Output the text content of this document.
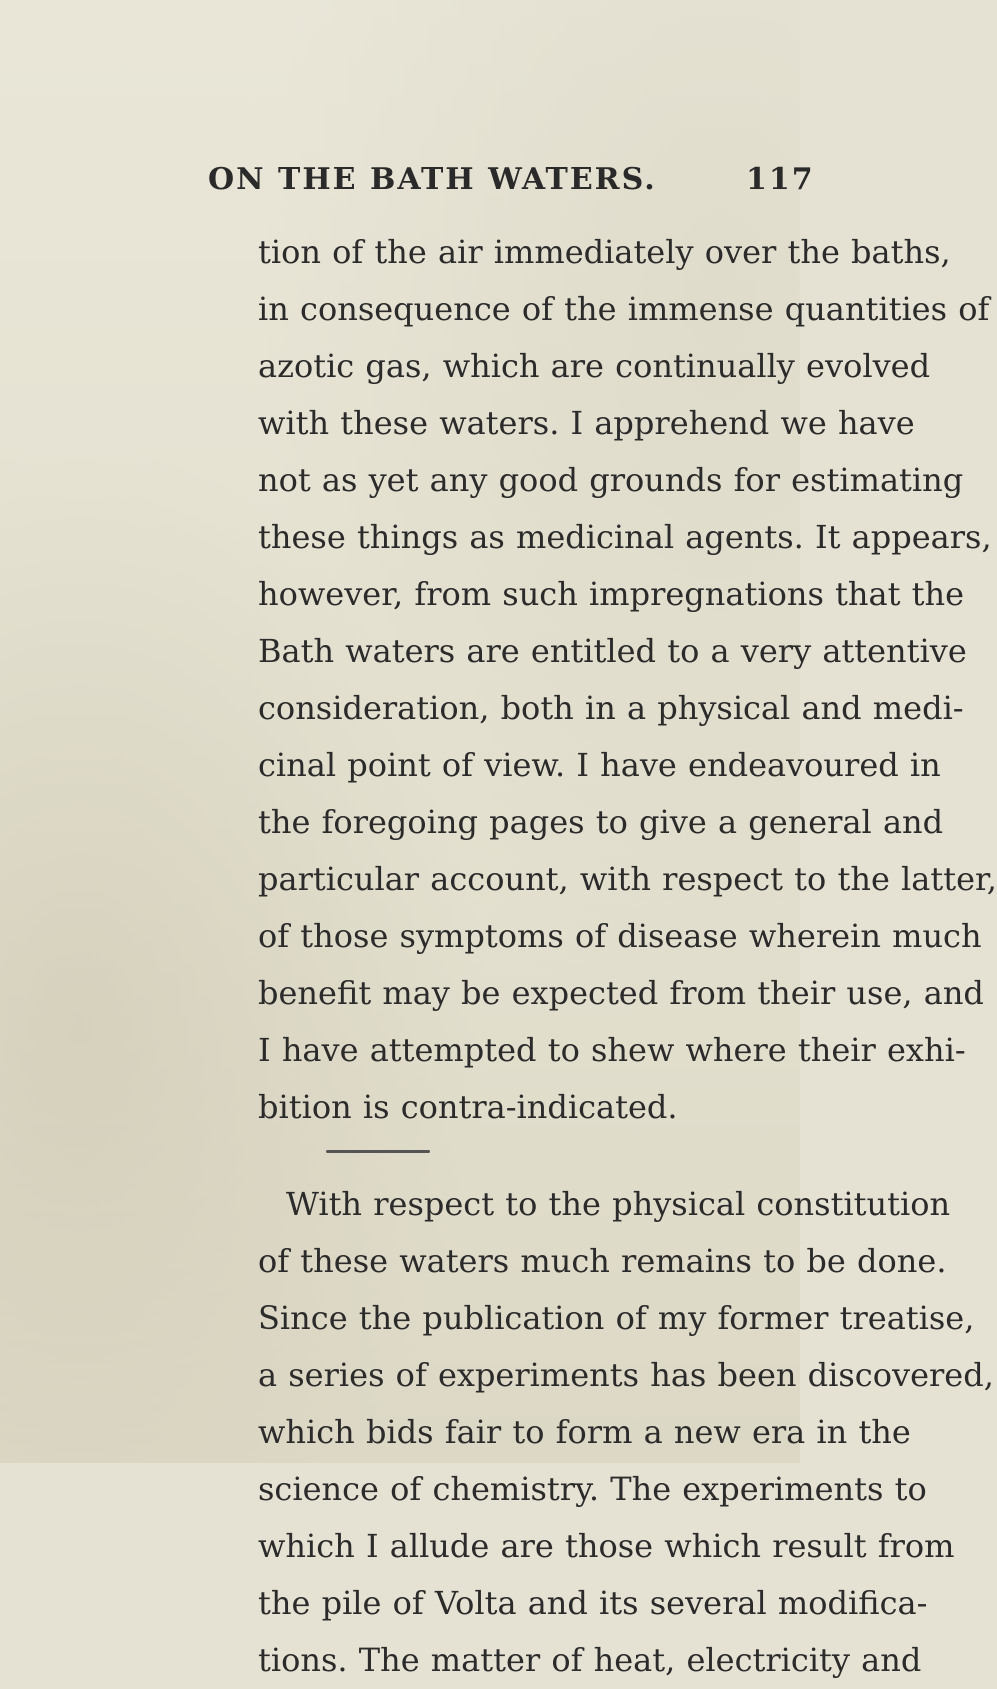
ON THE BATH WATERS.	117
tion of the air immediately over the baths,
in consequence of the immense quantities of
azotic gas, which are continually evolved
with these waters. I apprehend we have
not as yet any good grounds for estimating
these things as medicinal agents. It appears,
however, from such impregnations that the
Bath waters are entitled to a very attentive
consideration, both in a physical and medi-
cinal point of view. I have endeavoured in
the foregoing pages to give a general and
particular account, with respect to the latter,
of those symptoms of disease wherein much
benefit may be expected from their use, and
I have attempted to shew where their exhi-
bition is contra-indicated.
With respect to the physical constitution
of these waters much remains to be done.
Since the publication of my former treatise,
a series of experiments has been discovered,
which bids fair to form a new era in the
science of chemistry. The experiments to
which I allude are those which result from
the pile of Volta and its several modifica-
tions. The matter of heat, electricity and
